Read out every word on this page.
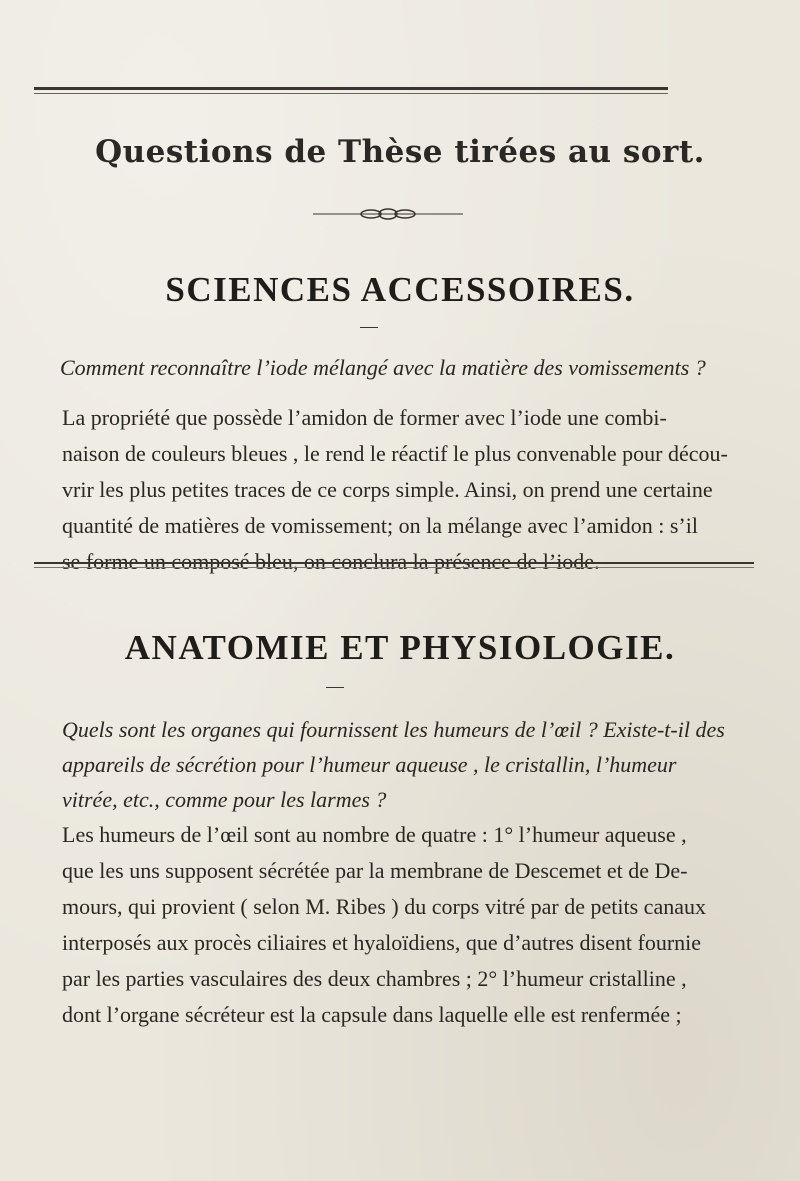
Questions de Thèse tirées au sort.
SCIENCES ACCESSOIRES.
Comment reconnaître l’iode mélangé avec la matière des vomissements ?
La propriété que possède l’amidon de former avec l’iode une combi-
naison de couleurs bleues , le rend le réactif le plus convenable pour décou-
vrir les plus petites traces de ce corps simple. Ainsi, on prend une certaine
quantité de matières de vomissement; on la mélange avec l’amidon : s’il
se forme un composé bleu, on conclura la présence de l’iode.
ANATOMIE ET PHYSIOLOGIE.
Quels sont les organes qui fournissent les humeurs de l’œil ? Existe-t-il des
appareils de sécrétion pour l’humeur aqueuse , le cristallin, l’humeur
vitrée, etc., comme pour les larmes ?
Les humeurs de l’œil sont au nombre de quatre : 1° l’humeur aqueuse ,
que les uns supposent sécrétée par la membrane de Descemet et de De-
mours, qui provient ( selon M. Ribes ) du corps vitré par de petits canaux
interposés aux procès ciliaires et hyaloïdiens, que d’autres disent fournie
par les parties vasculaires des deux chambres ; 2° l’humeur cristalline ,
dont l’organe sécréteur est la capsule dans laquelle elle est renfermée ;
